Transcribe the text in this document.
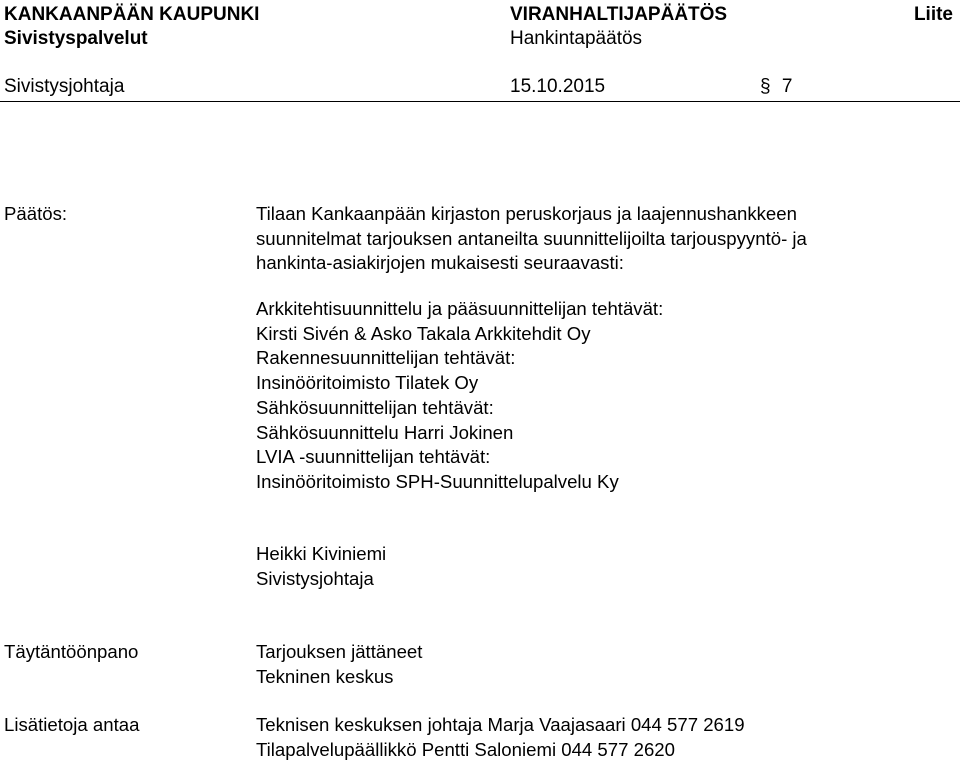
KANKAANPÄÄN KAUPUNKI	VIRANHALTIJAPÄÄTÖS	Liite
Sivistyspalvelut	Hankintapäätös
Sivistysjohtaja	15.10.2015	§ 7
Päätös:	Tilaan Kankaanpään kirjaston peruskorjaus ja laajennushankkeen
suunnitelmat tarjouksen antaneilta suunnittelijoilta tarjouspyyntö- ja
hankinta-asiakirjojen mukaisesti seuraavasti:
Arkkitehtisuunnittelu ja pääsuunnittelijan tehtävät:
Kirsti Sivén & Asko Takala Arkkitehdit Oy
Rakennesuunnittelijan tehtävät:
Insinööritoimisto Tilatek Oy
Sähkösuunnittelijan tehtävät:
Sähkösuunnittelu Harri Jokinen
LVIA -suunnittelijan tehtävät:
Insinööritoimisto SPH-Suunnittelupalvelu Ky
Heikki Kiviniemi
Sivistysjohtaja
Täytäntöönpano	Tarjouksen jättäneet
Tekninen keskus
Lisätietoja antaa	Teknisen keskuksen johtaja Marja Vaajasaari 044 577 2619
Tilapalvelupäällikkö Pentti Saloniemi 044 577 2620
